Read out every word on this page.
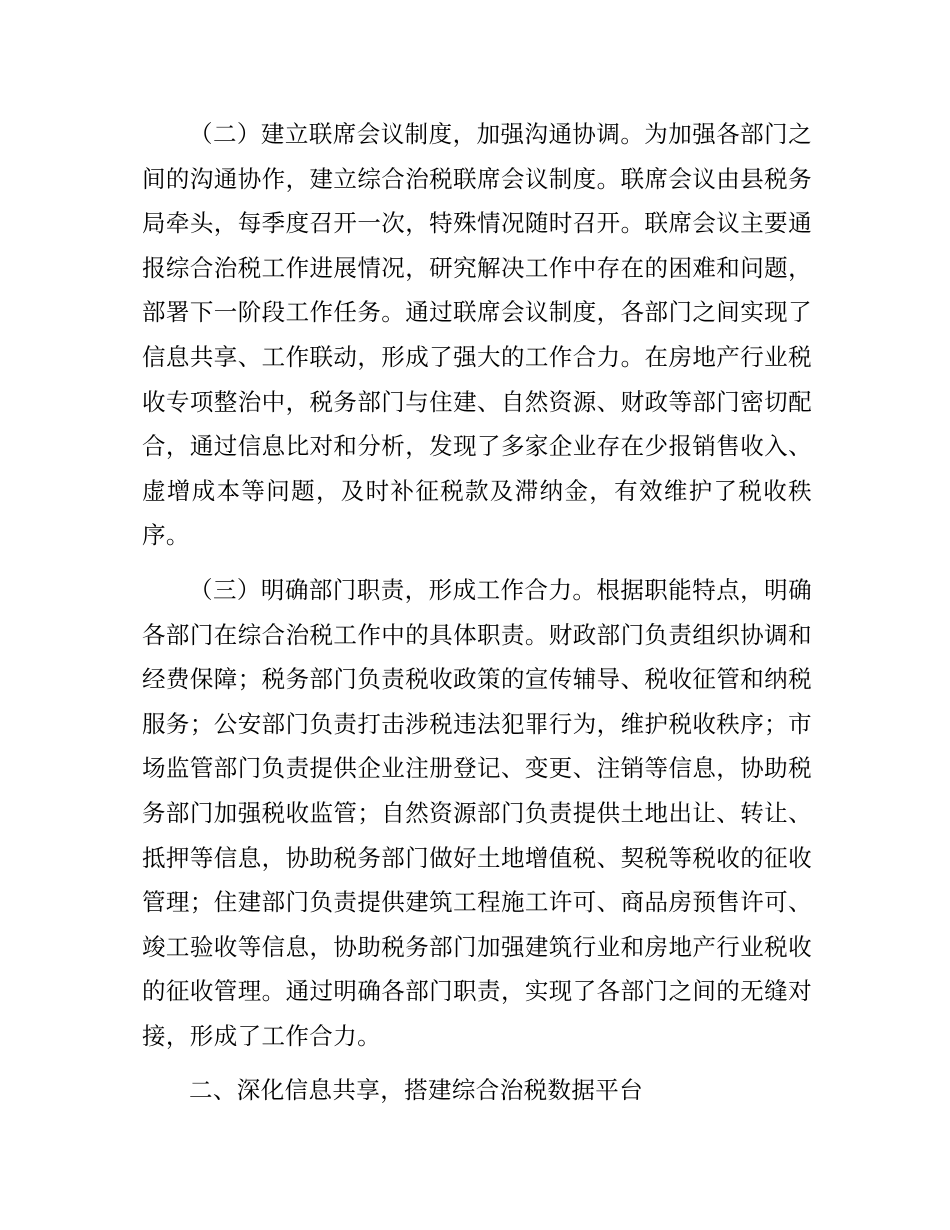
（二）建立联席会议制度，加强沟通协调。为加强各部门之间的沟通协作，建立综合治税联席会议制度。联席会议由县税务局牵头，每季度召开一次，特殊情况随时召开。联席会议主要通报综合治税工作进展情况，研究解决工作中存在的困难和问题，部署下一阶段工作任务。通过联席会议制度，各部门之间实现了信息共享、工作联动，形成了强大的工作合力。在房地产行业税收专项整治中，税务部门与住建、自然资源、财政等部门密切配合，通过信息比对和分析，发现了多家企业存在少报销售收入、虚增成本等问题，及时补征税款及滞纳金，有效维护了税收秩序。

（三）明确部门职责，形成工作合力。根据职能特点，明确各部门在综合治税工作中的具体职责。财政部门负责组织协调和经费保障；税务部门负责税收政策的宣传辅导、税收征管和纳税服务；公安部门负责打击涉税违法犯罪行为，维护税收秩序；市场监管部门负责提供企业注册登记、变更、注销等信息，协助税务部门加强税收监管；自然资源部门负责提供土地出让、转让、抵押等信息，协助税务部门做好土地增值税、契税等税收的征收管理；住建部门负责提供建筑工程施工许可、商品房预售许可、竣工验收等信息，协助税务部门加强建筑行业和房地产行业税收的征收管理。通过明确各部门职责，实现了各部门之间的无缝对接，形成了工作合力。

二、深化信息共享，搭建综合治税数据平台
